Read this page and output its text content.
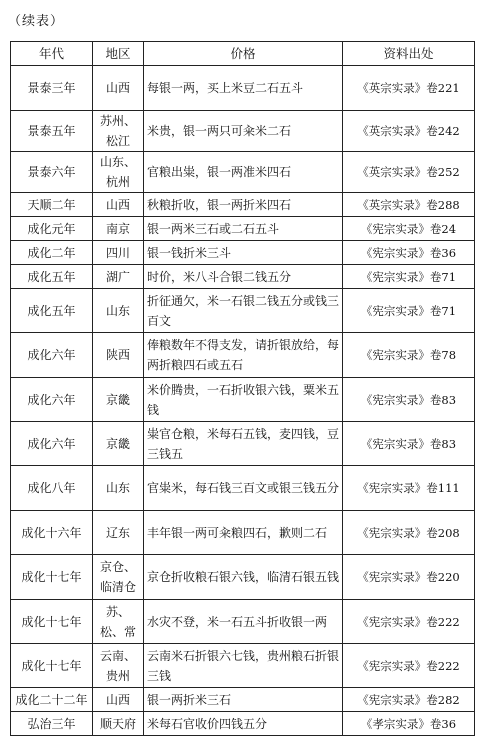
（续表）
年代	地区	价格	资料出处
景泰三年	山西	每银一两，买上米豆二石五斗	《英宗实录》卷221
景泰五年	苏州、松江	米贵，银一两只可籴米二石	《英宗实录》卷242
景泰六年	山东、杭州	官粮出粜，银一两准米四石	《英宗实录》卷252
天顺二年	山西	秋粮折收，银一两折米四石	《英宗实录》卷288
成化元年	南京	银一两米三石或二石五斗	《宪宗实录》卷24
成化二年	四川	银一钱折米三斗	《宪宗实录》卷36
成化五年	湖广	时价，米八斗合银二钱五分	《宪宗实录》卷71
成化五年	山东	折征通欠，米一石银二钱五分或钱三百文	《宪宗实录》卷71
成化六年	陕西	俸粮数年不得支发，请折银放给，每两折粮四石或五石	《宪宗实录》卷78
成化六年	京畿	米价腾贵，一石折收银六钱，粟米五钱	《宪宗实录》卷83
成化六年	京畿	粜官仓粮，米每石五钱，麦四钱，豆三钱五	《宪宗实录》卷83
成化八年	山东	官粜米，每石钱三百文或银三钱五分	《宪宗实录》卷111
成化十六年	辽东	丰年银一两可籴粮四石，歉则二石	《宪宗实录》卷208
成化十七年	京仓、临清仓	京仓折收粮石银六钱，临清石银五钱	《宪宗实录》卷220
成化十七年	苏、松、常	水灾不登，米一石五斗折收银一两	《宪宗实录》卷222
成化十七年	云南、贵州	云南米石折银六七钱，贵州粮石折银三钱	《宪宗实录》卷222
成化二十二年	山西	银一两折米三石	《宪宗实录》卷282
弘治三年	顺天府	米每石官收价四钱五分	《孝宗实录》卷36
